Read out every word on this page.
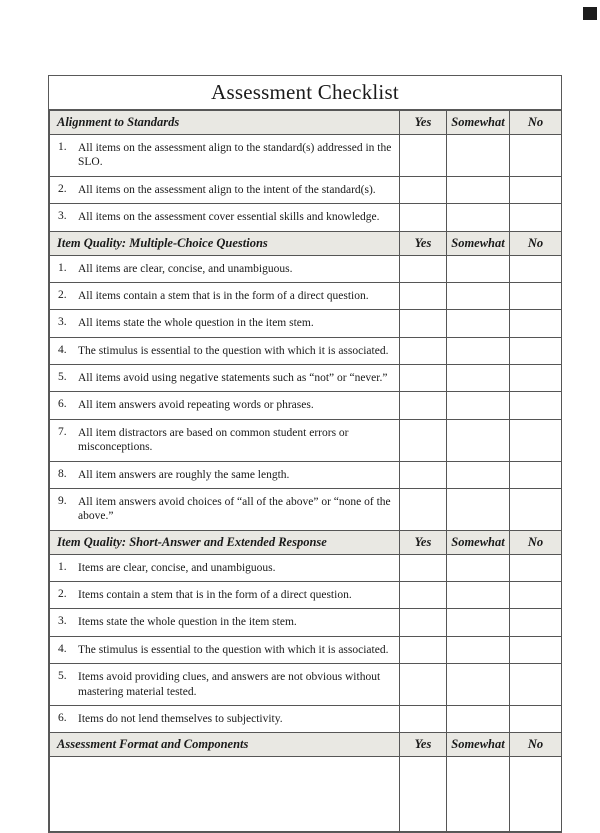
Assessment Checklist
Alignment to Standards	Yes	Somewhat	No

1. All items on the assessment align to the standard(s) addressed in the SLO.			

2. All items on the assessment align to the intent of the standard(s).			

3. All items on the assessment cover essential skills and knowledge.			

Item Quality: Multiple-Choice Questions	Yes	Somewhat	No

1. All items are clear, concise, and unambiguous.			

2. All items contain a stem that is in the form of a direct question.			

3. All items state the whole question in the item stem.			

4. The stimulus is essential to the question with which it is associated.			

5. All items avoid using negative statements such as “not” or “never.”			

6. All item answers avoid repeating words or phrases.			

7. All item distractors are based on common student errors or misconceptions.			

8. All item answers are roughly the same length.			

9. All item answers avoid choices of “all of the above” or “none of the above.”			

Item Quality: Short-Answer and Extended Response	Yes	Somewhat	No

1. Items are clear, concise, and unambiguous.			

2. Items contain a stem that is in the form of a direct question.			

3. Items state the whole question in the item stem.			

4. The stimulus is essential to the question with which it is associated.			

5. Items avoid providing clues, and answers are not obvious without mastering material tested.			

6. Items do not lend themselves to subjectivity.			

Assessment Format and Components	Yes	Somewhat	No
